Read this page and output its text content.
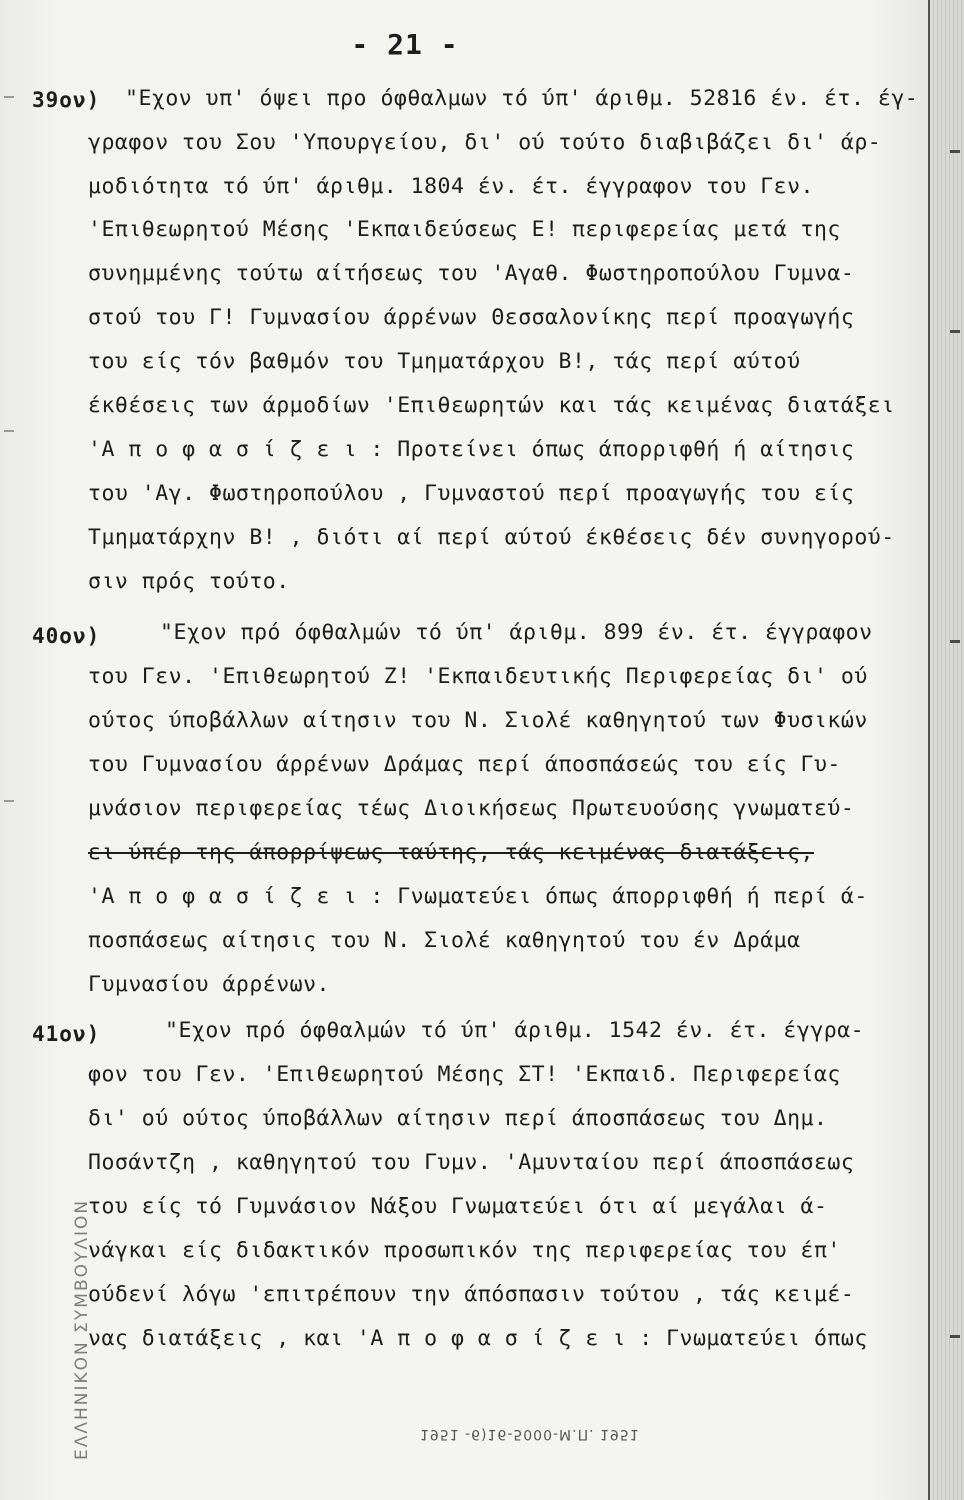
- 21 -
39ον) "Εχον υπ' όψει προ όφθαλμων τό ύπ' άριθμ. 52816 έν. έτ. έγ-
γραφον του Σου 'Υπουργείου, δι' ού τούτο διαβιβάζει δι' άρ-
μοδιότητα τό ύπ' άριθμ. 1804 έν. έτ. έγγραφον του Γεν.
'Επιθεωρητού Μέσης 'Εκπαιδεύσεως Ε! περιφερείας μετά της
συνημμένης τούτω αίτήσεως του 'Αγαθ. Φωστηροπούλου Γυμνα-
στού του Γ! Γυμνασίου άρρένων Θεσσαλονίκης περί προαγωγής
του είς τόν βαθμόν του Τμηματάρχου Β!, τάς περί αύτού
έκθέσεις των άρμοδίων 'Επιθεωρητών και τάς κειμένας διατάξει
'Α π ο φ α σ ί ζ ε ι : Προτείνει όπως άπορριφθή ή αίτησις
του 'Αγ. Φωστηροπούλου , Γυμναστού περί προαγωγής του είς
Τμηματάρχην Β! , διότι αί περί αύτού έκθέσεις δέν συνηγορού-
σιν πρός τούτο.
40ον)	"Εχον πρό όφθαλμών τό ύπ' άριθμ. 899 έν. έτ. έγγραφον
του Γεν. 'Επιθεωρητού Ζ! 'Εκπαιδευτικής Περιφερείας δι' ού
ούτος ύποβάλλων αίτησιν του Ν. Σιολέ καθηγητού των Φυσικών
του Γυμνασίου άρρένων Δράμας περί άποσπάσεώς του είς Γυ-
μνάσιον περιφερείας τέως Διοικήσεως Πρωτευούσης γνωματεύ-
ει ύπέρ της άπορρίψεως ταύτης, τάς κειμένας διατάξεις,
'Α π ο φ α σ ί ζ ε ι : Γνωματεύει όπως άπορριφθή ή περί ά-
ποσπάσεως αίτησις του Ν. Σιολέ καθηγητού του έν Δράμα
Γυμνασίου άρρένων.
41ον)	"Εχον πρό όφθαλμών τό ύπ' άριθμ. 1542 έν. έτ. έγγρα-
φον του Γεν. 'Επιθεωρητού Μέσης ΣΤ! 'Εκπαιδ. Περιφερείας
δι' ού ούτος ύποβάλλων αίτησιν περί άποσπάσεως του Δημ.
Ποσάντζη , καθηγητού του Γυμν. 'Αμυνταίου περί άποσπάσεως
του είς τό Γυμνάσιον Νάξου Γνωματεύει ότι αί μεγάλαι ά-
νάγκαι είς διδακτικόν προσωπικόν της περιφερείας του έπ'
ούδενί λόγω 'επιτρέπουν την άπόσπασιν τούτου , τάς κειμέ-
νας διατάξεις , και 'Α π ο φ α σ ί ζ ε ι : Γνωματεύει όπως
ΕΛΛΗΝΙΚΟΝ ΣΥΜΒΟΥΛΙΟΝ	1951 -6)16-5000-M.Π. 1951
